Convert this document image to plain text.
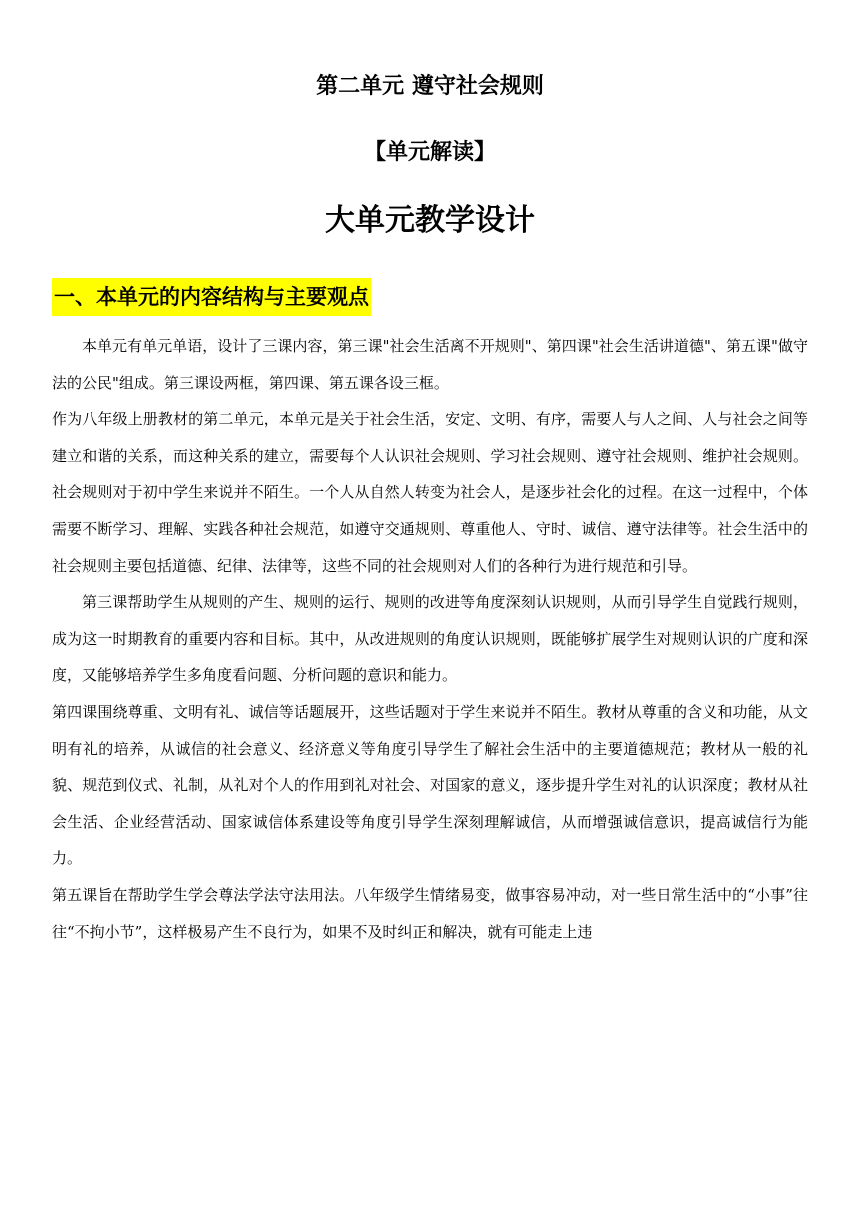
第二单元 遵守社会规则
【单元解读】
大单元教学设计
一、本单元的内容结构与主要观点

本单元有单元单语，设计了三课内容，第三课"社会生活离不开规则"、第四课"社会生活讲道德"、第五课"做守法的公民"组成。第三课设两框，第四课、第五课各设三框。

作为八年级上册教材的第二单元，本单元是关于社会生活，安定、文明、有序，需要人与人之间、人与社会之间等建立和谐的关系，而这种关系的建立，需要每个人认识社会规则、学习社会规则、遵守社会规则、维护社会规则。社会规则对于初中学生来说并不陌生。一个人从自然人转变为社会人，是逐步社会化的过程。在这一过程中，个体需要不断学习、理解、实践各种社会规范，如遵守交通规则、尊重他人、守时、诚信、遵守法律等。社会生活中的社会规则主要包括道德、纪律、法律等，这些不同的社会规则对人们的各种行为进行规范和引导。

第三课帮助学生从规则的产生、规则的运行、规则的改进等角度深刻认识规则，从而引导学生自觉践行规则，成为这一时期教育的重要内容和目标。其中，从改进规则的角度认识规则，既能够扩展学生对规则认识的广度和深度，又能够培养学生多角度看问题、分析问题的意识和能力。

第四课围绕尊重、文明有礼、诚信等话题展开，这些话题对于学生来说并不陌生。教材从尊重的含义和功能，从文明有礼的培养，从诚信的社会意义、经济意义等角度引导学生了解社会生活中的主要道德规范；教材从一般的礼貌、规范到仪式、礼制，从礼对个人的作用到礼对社会、对国家的意义，逐步提升学生对礼的认识深度；教材从社会生活、企业经营活动、国家诚信体系建设等角度引导学生深刻理解诚信，从而增强诚信意识，提高诚信行为能力。

第五课旨在帮助学生学会尊法学法守法用法。八年级学生情绪易变，做事容易冲动，对一些日常生活中的“小事”往往“不拘小节”，这样极易产生不良行为，如果不及时纠正和解决，就有可能走上违
